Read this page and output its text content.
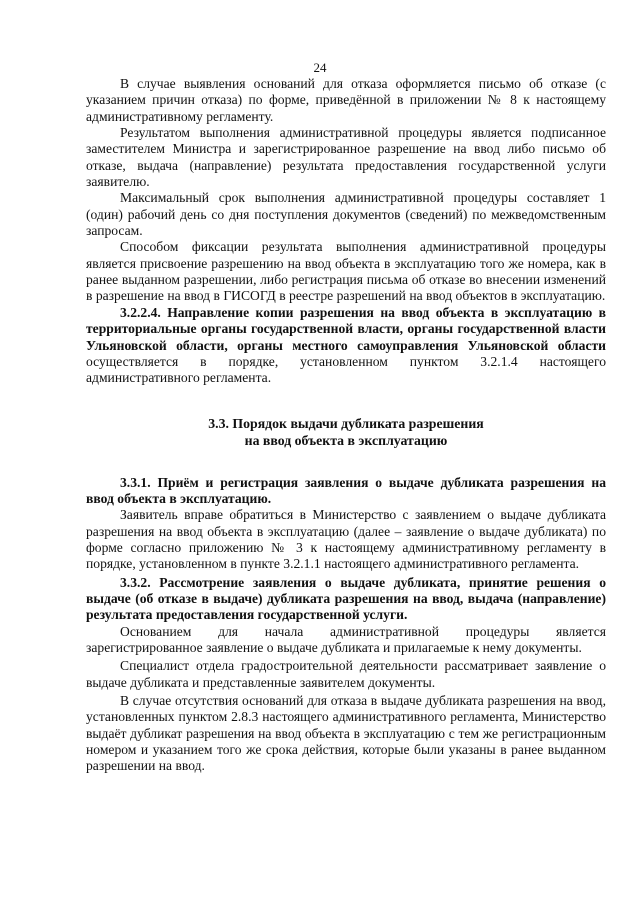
24

В случае выявления оснований для отказа оформляется письмо об отказе (с указанием причин отказа) по форме, приведённой в приложении № 8 к настоящему административному регламенту.

Результатом выполнения административной процедуры является подписанное заместителем Министра и зарегистрированное разрешение на ввод либо письмо об отказе, выдача (направление) результата предоставления государственной услуги заявителю.

Максимальный срок выполнения административной процедуры составляет 1 (один) рабочий день со дня поступления документов (сведений) по межведомственным запросам.

Способом фиксации результата выполнения административной процедуры является присвоение разрешению на ввод объекта в эксплуатацию того же номера, как в ранее выданном разрешении, либо регистрация письма об отказе во внесении изменений в разрешение на ввод в ГИСОГД в реестре разрешений на ввод объектов в эксплуатацию.

3.2.2.4. Направление копии разрешения на ввод объекта в эксплуатацию в территориальные органы государственной власти, органы государственной власти Ульяновской области, органы местного самоуправления Ульяновской области осуществляется в порядке, установленном пунктом 3.2.1.4 настоящего административного регламента.

3.3. Порядок выдачи дубликата разрешения
на ввод объекта в эксплуатацию

3.3.1. Приём и регистрация заявления о выдаче дубликата разрешения на ввод объекта в эксплуатацию.

Заявитель вправе обратиться в Министерство с заявлением о выдаче дубликата разрешения на ввод объекта в эксплуатацию (далее – заявление о выдаче дубликата) по форме согласно приложению № 3 к настоящему административному регламенту в порядке, установленном в пункте 3.2.1.1 настоящего административного регламента.

3.3.2. Рассмотрение заявления о выдаче дубликата, принятие решения о выдаче (об отказе в выдаче) дубликата разрешения на ввод, выдача (направление) результата предоставления государственной услуги.

Основанием для начала административной процедуры является зарегистрированное заявление о выдаче дубликата и прилагаемые к нему документы.

Специалист отдела градостроительной деятельности рассматривает заявление о выдаче дубликата и представленные заявителем документы.

В случае отсутствия оснований для отказа в выдаче дубликата разрешения на ввод, установленных пунктом 2.8.3 настоящего административного регламента, Министерство выдаёт дубликат разрешения на ввод объекта в эксплуатацию с тем же регистрационным номером и указанием того же срока действия, которые были указаны в ранее выданном разрешении на ввод.
